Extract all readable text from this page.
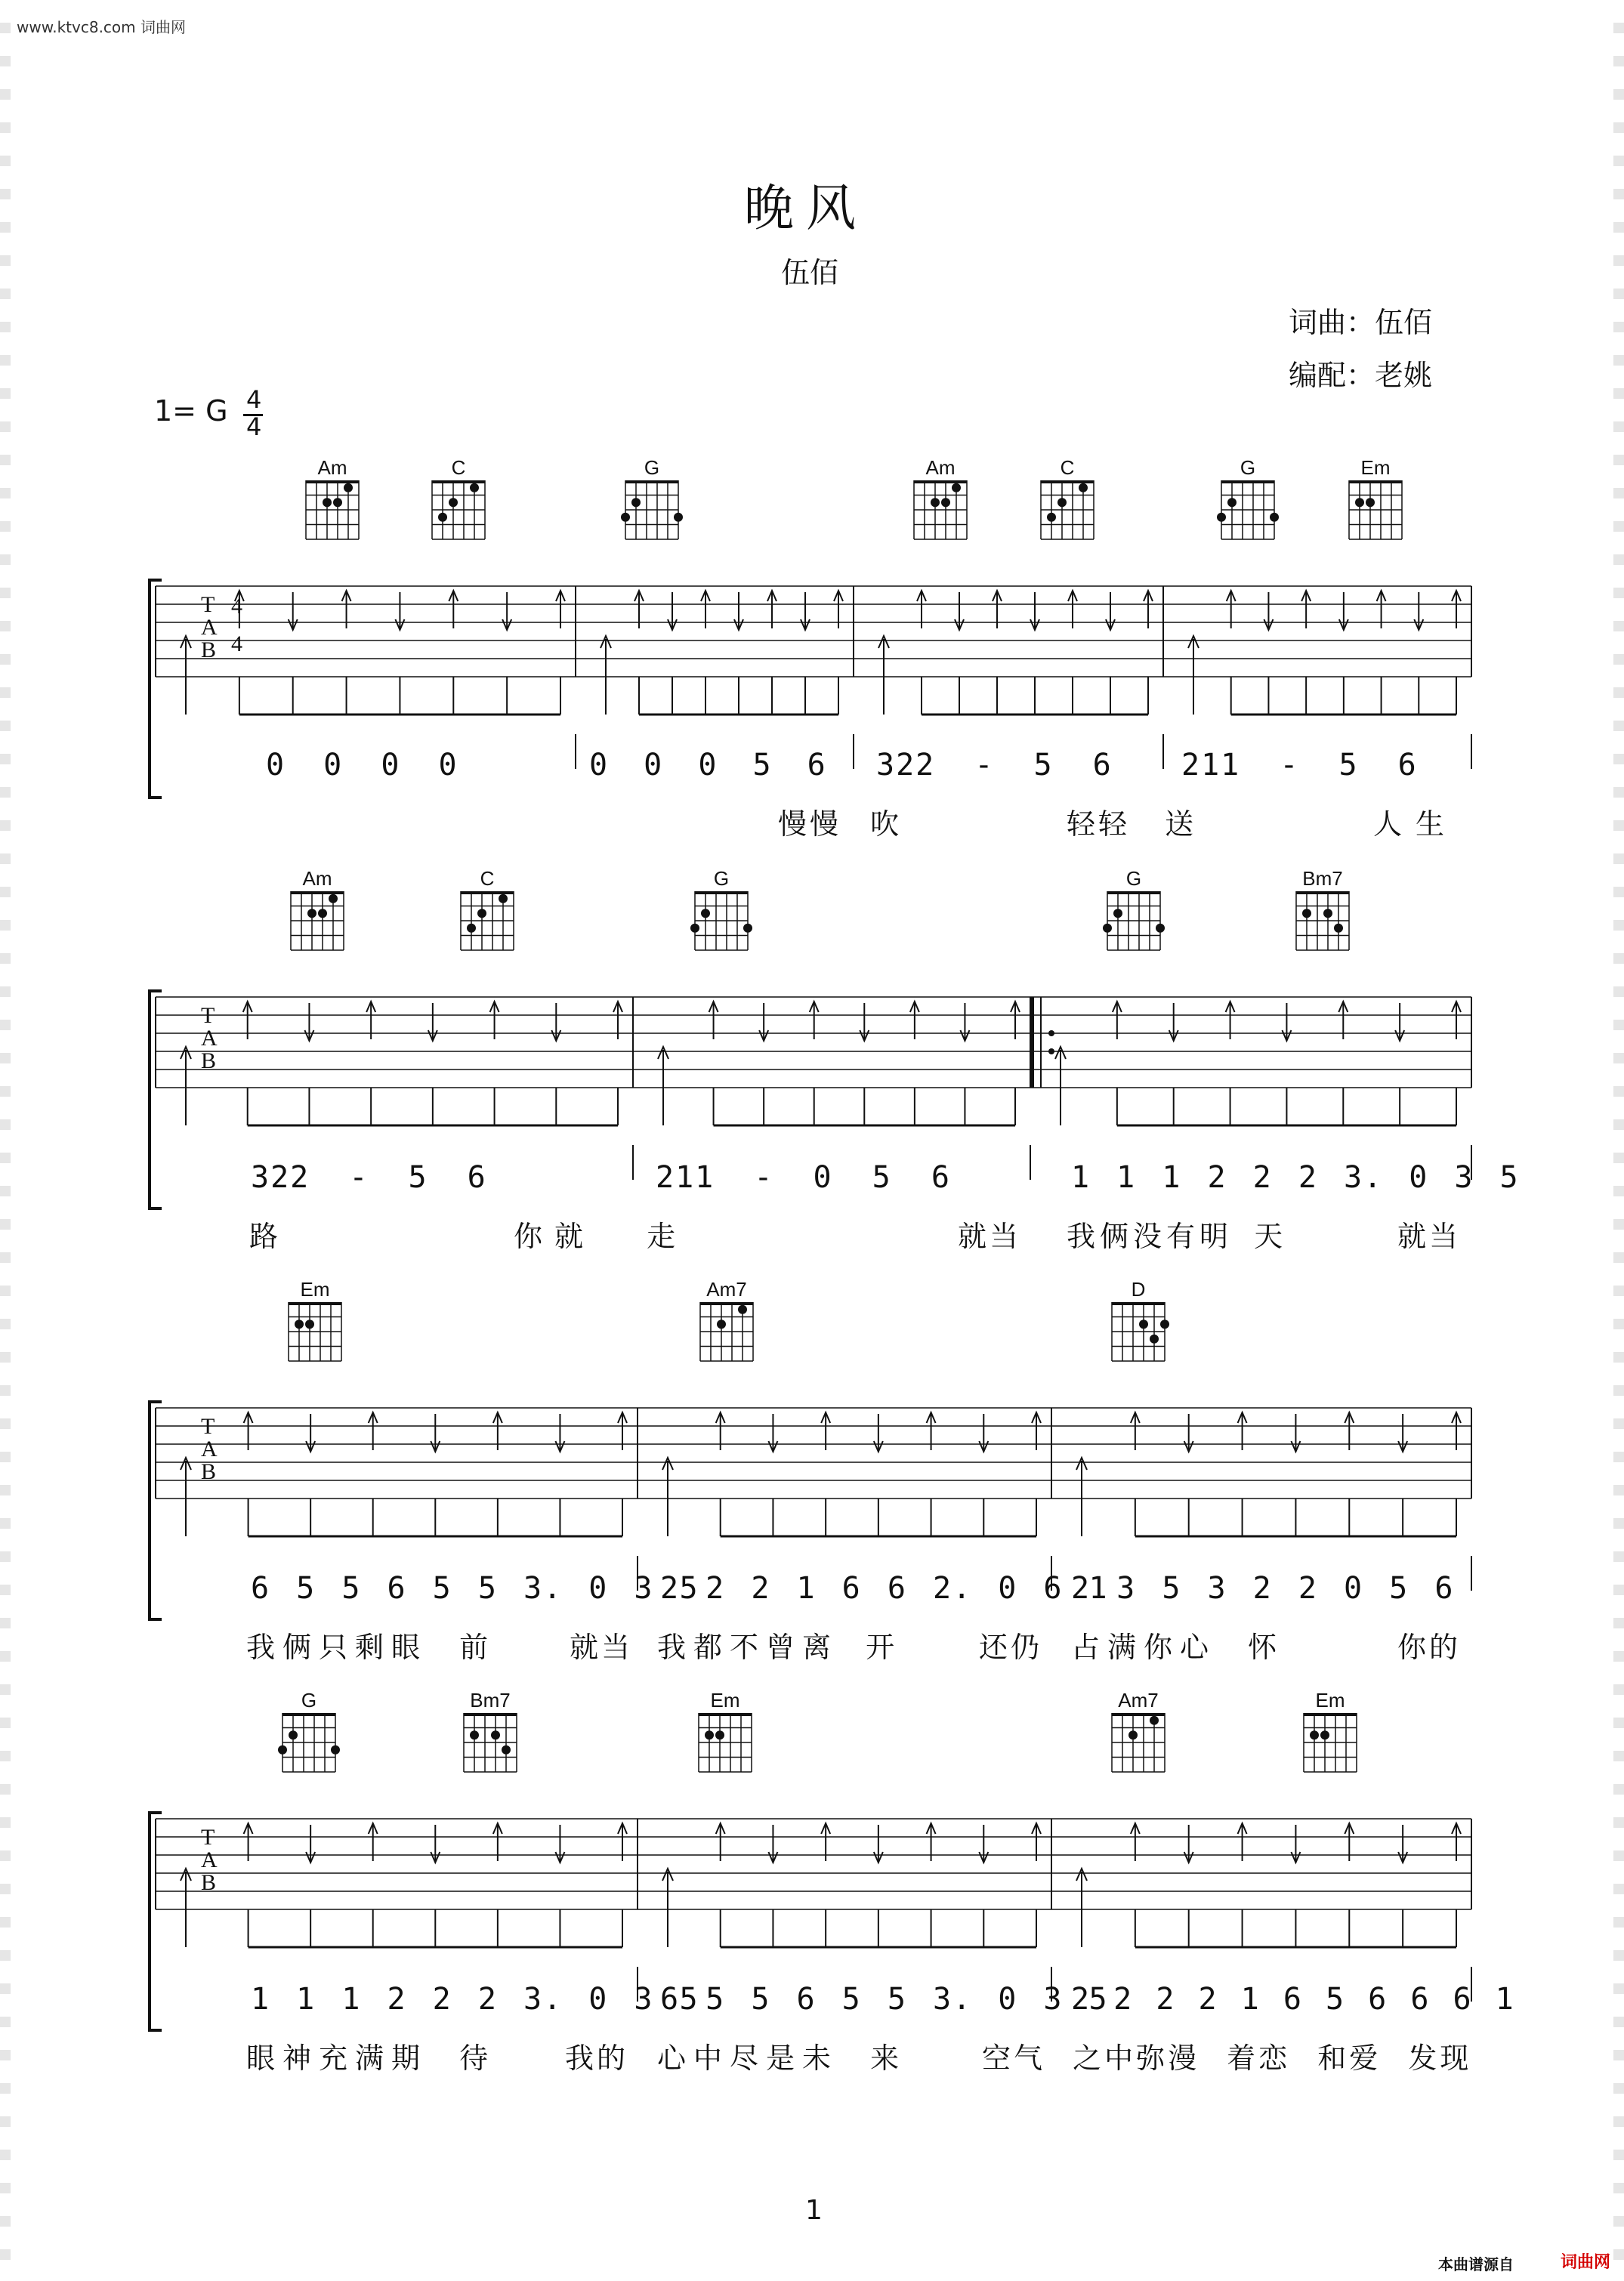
www.ktvc8.com 词曲网
晚风
伍佰
词曲：伍佰
编配：老姚
1= G 4
4
T
A
B
4
4
Am	C	G	Am	C	G	Em
T
A
B
Am	C	G	G	Bm7
T
A
B
Em	Am7	D
T
A
B
G	Bm7	Em	Am7	Em
0 0 0 0	0 0 0 5 6 322 - 5 6 211 - 5 6
322 - 5 6	211 - 0 5 6	1 1 1 2 2 2 3. 0 3 5
6 5 5 6 5 5 3. 0 3 5
2 2 2 1 6 6 2. 0 6 1
2 3 5 3 2 2 0 5 6
1 1 1 2 2 2 3. 0 3 5
6 5 5 6 5 5 3. 0 3 5
2 2 2 2 1 6 5 6 6 6 1
慢慢 吹	轻轻 送	人生
路	你就 走	就当 我俩没有明 天	就当
我俩只剩眼 前	就当 我都不曾离 开	还仍 占满你心 怀	你的
眼神充满期 待 我的 心中尽是未 来	空气 之中弥漫 着恋 和爱 发现
1
本曲谱源自	词曲网
